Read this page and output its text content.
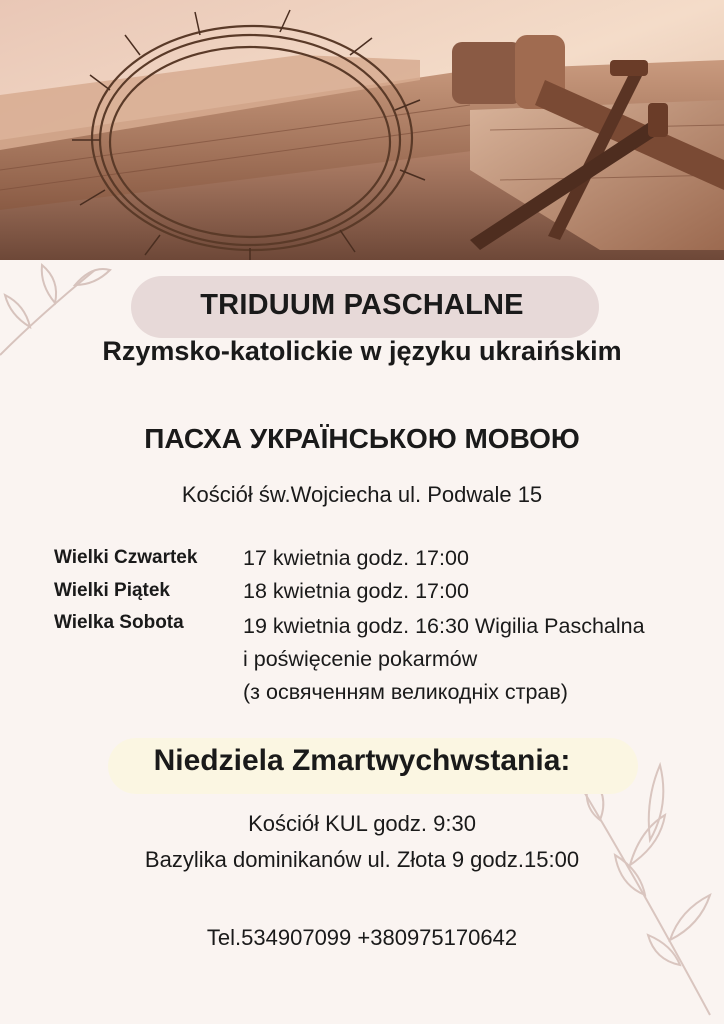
TRIDUUM PASCHALNE
Rzymsko-katolickie w języku ukraińskim
ПАСХА УКРАЇНСЬКОЮ МОВОЮ
Kościół św.Wojciecha ul. Podwale 15
Wielki Czwartek 17 kwietnia godz. 17:00
Wielki Piątek	18 kwietnia godz. 17:00
Wielka Sobota	19 kwietnia godz. 16:30 Wigilia Paschalna
i poświęcenie pokarmów
(з освяченням великодніх страв)
Niedziela Zmartwychwstania:
Kościół KUL godz. 9:30
Bazylika dominikanów ul. Złota 9 godz.15:00
Tel.534907099 +380975170642
